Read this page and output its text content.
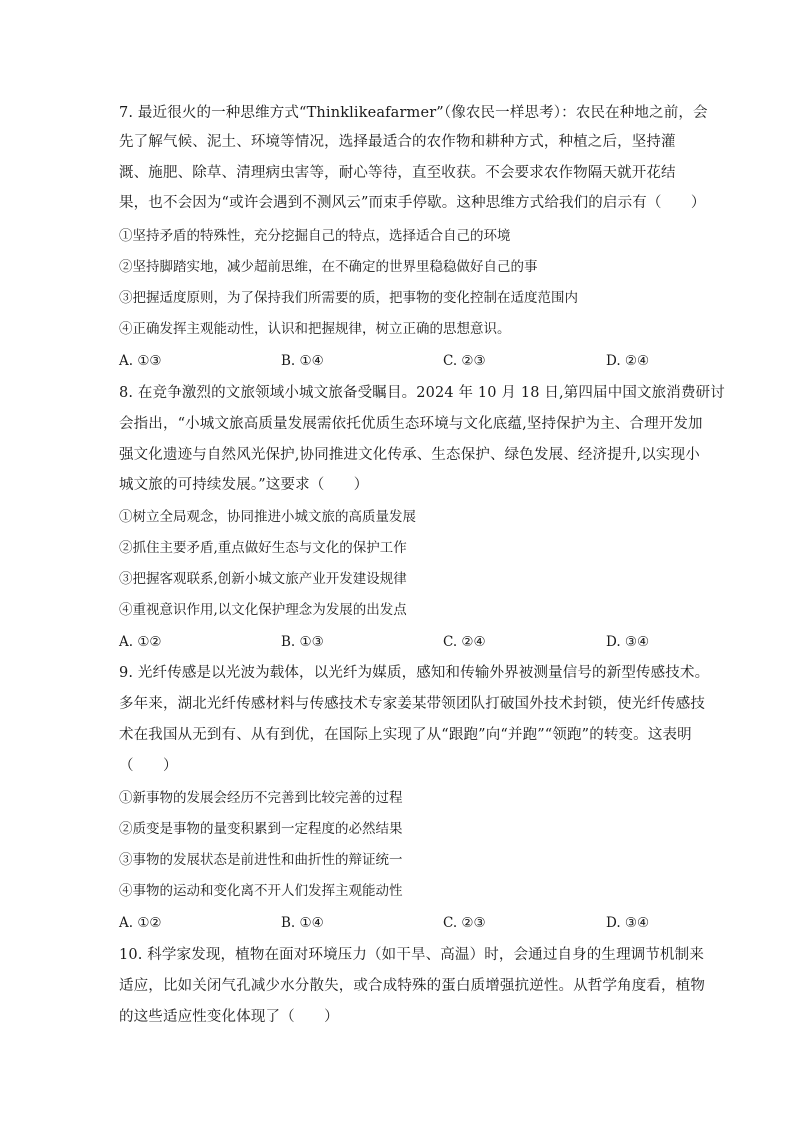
7. 最近很火的一种思维方式“Thinklikeafarmer”（像农民一样思考）：农民在种地之前，会
先了解气候、泥土、环境等情况，选择最适合的农作物和耕种方式，种植之后，坚持灌
溉、施肥、除草、清理病虫害等，耐心等待，直至收获。不会要求农作物隔天就开花结
果，也不会因为“或许会遇到不测风云”而束手停歇。这种思维方式给我们的启示有（　　）
①坚持矛盾的特殊性，充分挖掘自己的特点，选择适合自己的环境
②坚持脚踏实地，减少超前思维，在不确定的世界里稳稳做好自己的事
③把握适度原则，为了保持我们所需要的质，把事物的变化控制在适度范围内
④正确发挥主观能动性，认识和把握规律，树立正确的思想意识。
A. ①③	B. ①④	C. ②③	D. ②④
8. 在竞争激烈的文旅领域小城文旅备受瞩目。2024 年 10 月 18 日,第四届中国文旅消费研讨
会指出，“小城文旅高质量发展需依托优质生态环境与文化底蕴,坚持保护为主、合理开发加
强文化遗迹与自然风光保护,协同推进文化传承、生态保护、绿色发展、经济提升,以实现小
城文旅的可持续发展。”这要求（　　）
①树立全局观念，协同推进小城文旅的高质量发展
②抓住主要矛盾,重点做好生态与文化的保护工作
③把握客观联系,创新小城文旅产业开发建设规律
④重视意识作用,以文化保护理念为发展的出发点
A. ①②	B. ①③	C. ②④	D. ③④
9. 光纤传感是以光波为载体，以光纤为媒质，感知和传输外界被测量信号的新型传感技术。
多年来，湖北光纤传感材料与传感技术专家姜某带领团队打破国外技术封锁，使光纤传感技
术在我国从无到有、从有到优，在国际上实现了从“跟跑”向“并跑”“领跑”的转变。这表明
（　　）
①新事物的发展会经历不完善到比较完善的过程
②质变是事物的量变积累到一定程度的必然结果
③事物的发展状态是前进性和曲折性的辩证统一
④事物的运动和变化离不开人们发挥主观能动性
A. ①②	B. ①④	C. ②③	D. ③④
10. 科学家发现，植物在面对环境压力（如干旱、高温）时，会通过自身的生理调节机制来
适应，比如关闭气孔减少水分散失，或合成特殊的蛋白质增强抗逆性。从哲学角度看，植物
的这些适应性变化体现了（　　）
